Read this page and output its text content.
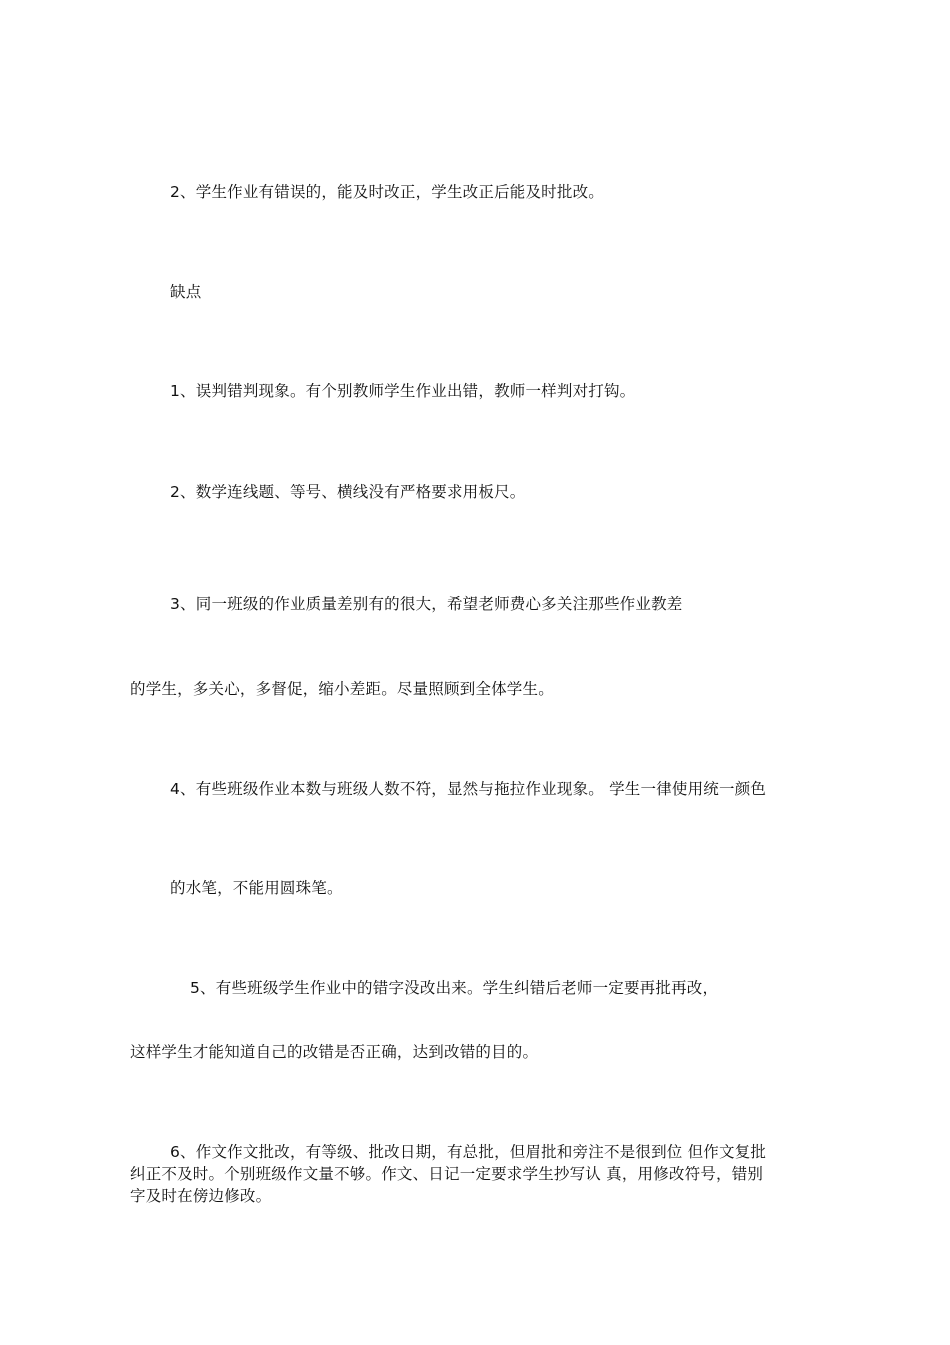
2、学生作业有错误的，能及时改正，学生改正后能及时批改。
缺点
1、误判错判现象。有个别教师学生作业出错，教师一样判对打钩。
2、数学连线题、等号、横线没有严格要求用板尺。
3、同一班级的作业质量差别有的很大，希望老师费心多关注那些作业教差
的学生，多关心，多督促，缩小差距。尽量照顾到全体学生。
4、有些班级作业本数与班级人数不符，显然与拖拉作业现象。 学生一律使用统一颜色
的水笔，不能用圆珠笔。
5、有些班级学生作业中的错字没改出来。学生纠错后老师一定要再批再改，
这样学生才能知道自己的改错是否正确，达到改错的目的。
6、作文作文批改，有等级、批改日期，有总批，但眉批和旁注不是很到位 但作文复批
纠正不及时。个别班级作文量不够。作文、日记一定要求学生抄写认 真，用修改符号，错别
字及时在傍边修改。
